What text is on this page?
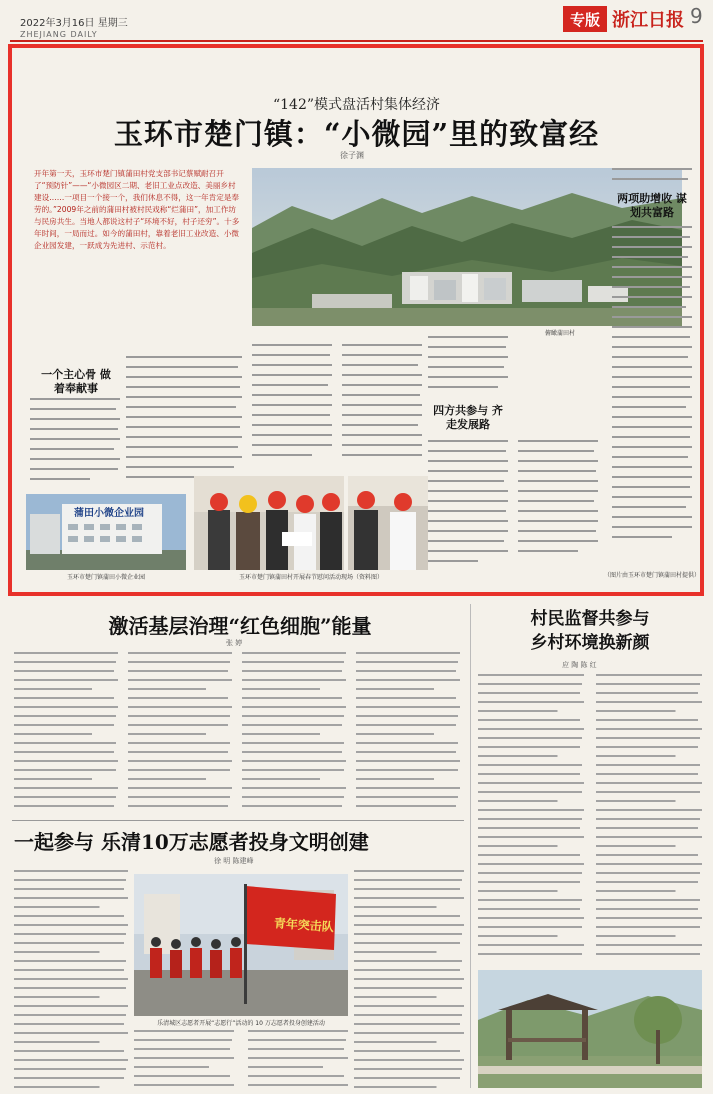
2022年3月16日 星期三
ZHEJIANG DAILY
专版 浙江日报 9
“142”模式盘活村集体经济
玉环市楚门镇：“小微园”里的致富经
徐子渊
开年第一天，玉环市楚门镇蒲田村党支部书记蔡赋耐召开了“预防针”——“小微园区二期、老旧工业点改造、美丽乡村建设……一项目一个接一个，我们休息不得，这一年肯定是奉劳的。”2009年之前的蒲田村被村民戏称“烂蒲田”，加工作坊与民房共生。当地人都说这村子“环境不好，村子还穷”。十多年时间，一局而过。如今的蒲田村，靠着老旧工业改造、小微企业园发建，一跃成为先进村、示范村。
俯瞰蒲田村
一个主心骨 做着奉献事
四方共参与 齐走发展路
两项助增收 谋划共富路
蒲田小微企业园
玉环市楚门镇蒲田小微企业园	玉环市楚门镇蒲田村开展春节慰问活动现场（资料图）	（图片由玉环市楚门镇蒲田村提供）
激活基层治理“红色细胞”能量
张 婷
村民监督共参与
乡村环境换新颜
应 陶 陈 红
一起参与 乐清10万志愿者投身文明创建
徐 明 陈建峰
青年突击队
乐清城区志愿者开展“志愿行”活动的 10 万志愿者投身创建活动
